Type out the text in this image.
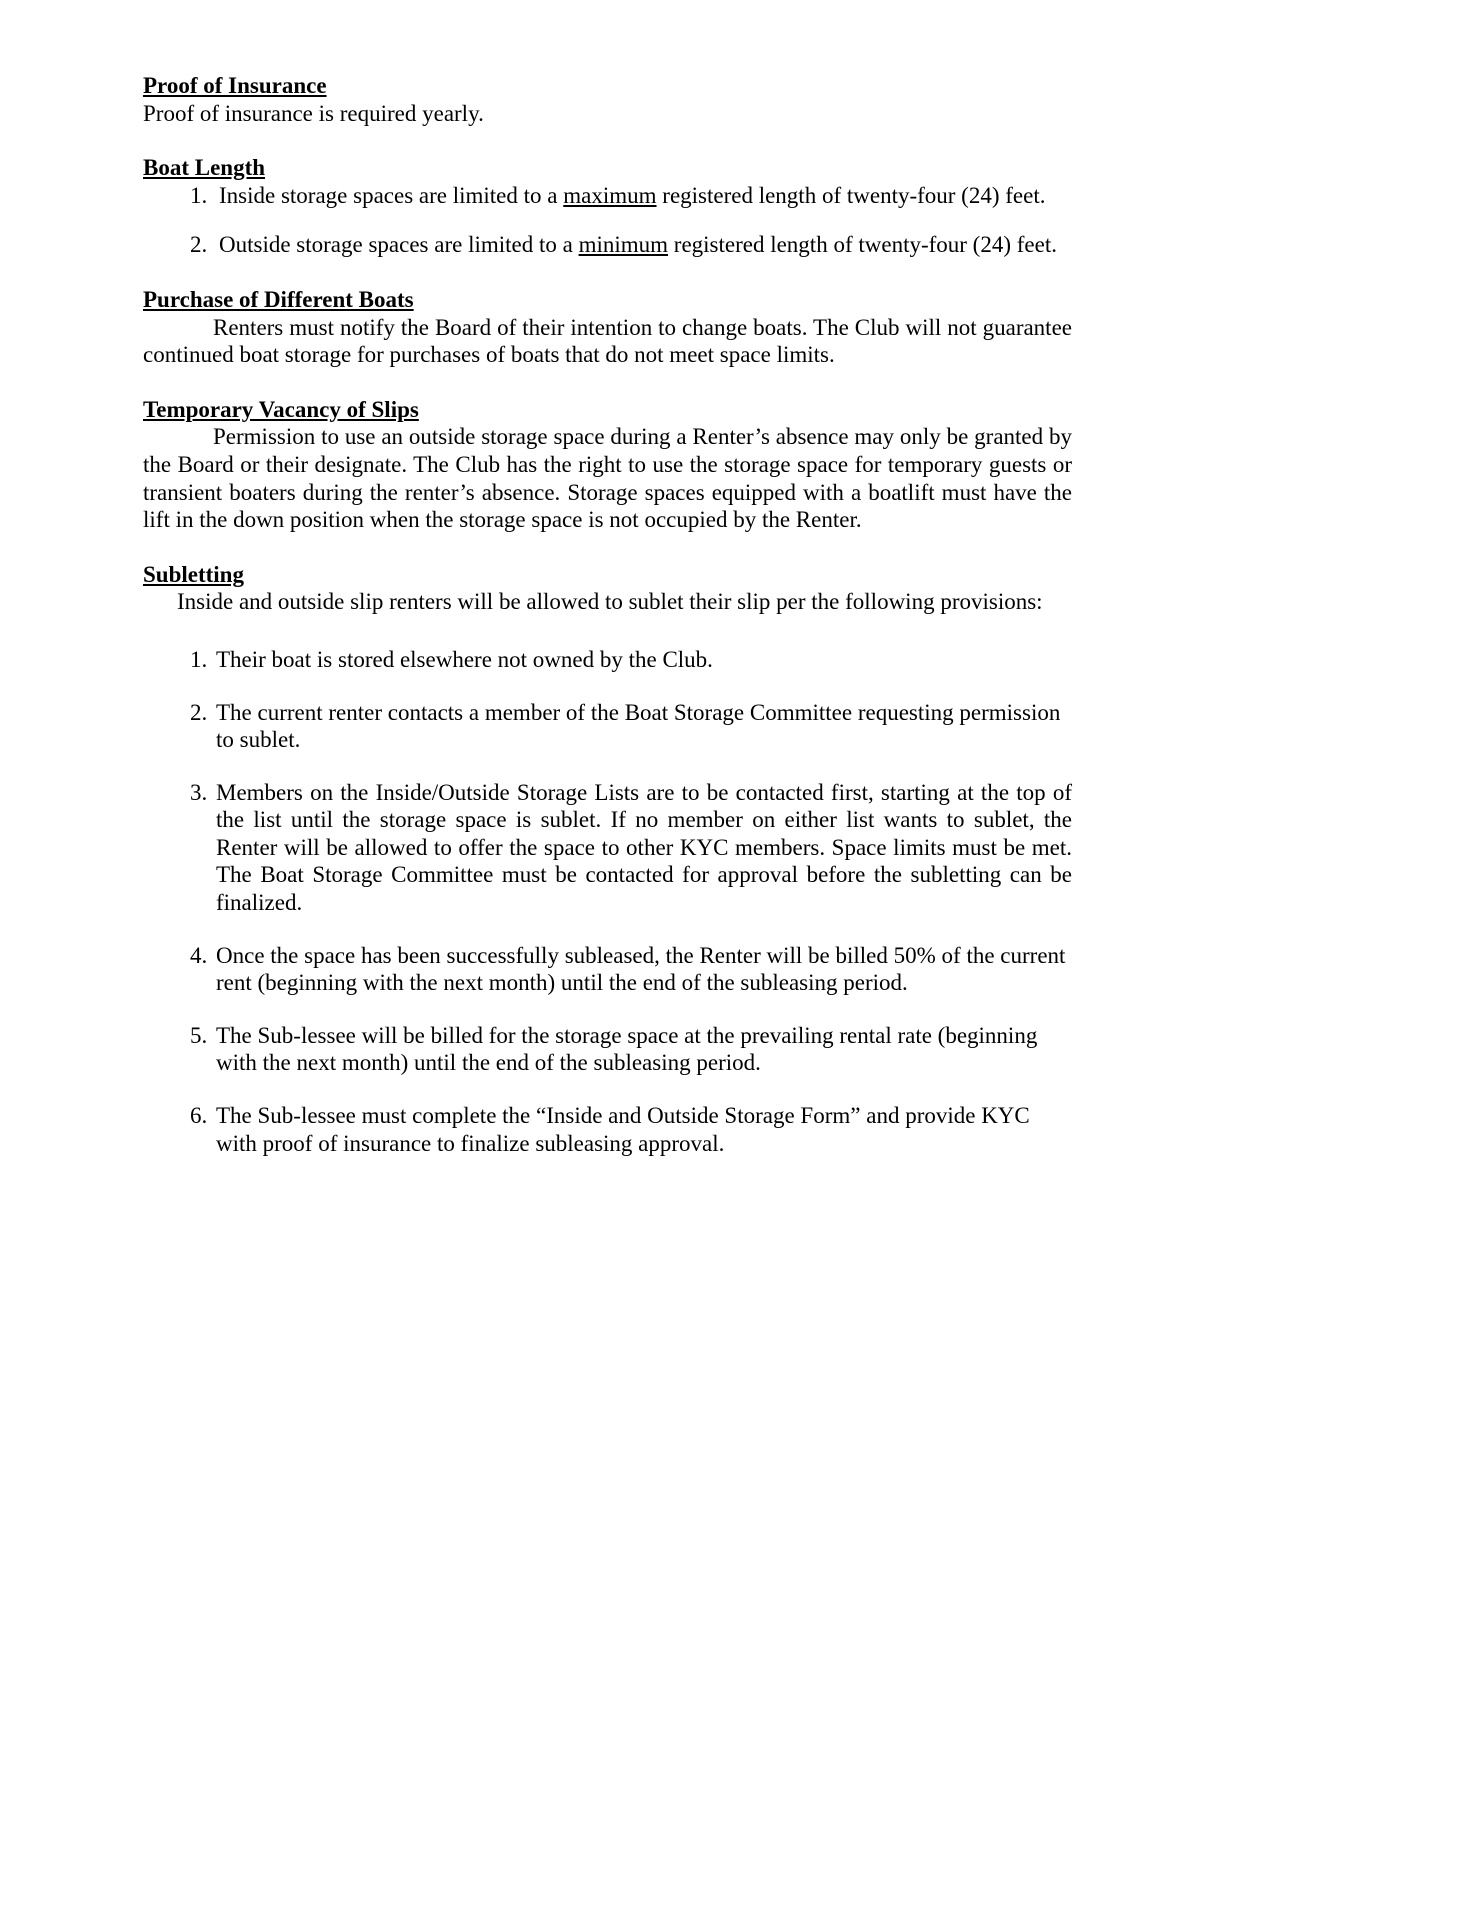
Proof of Insurance

Proof of insurance is required yearly.

Boat Length
1. Inside storage spaces are limited to a maximum registered length of twenty-four (24) feet.
2. Outside storage spaces are limited to a minimum registered length of twenty-four (24) feet.
Purchase of Different Boats

Renters must notify the Board of their intention to change boats. The Club will not guarantee continued boat storage for purchases of boats that do not meet space limits.

Temporary Vacancy of Slips

Permission to use an outside storage space during a Renter’s absence may only be granted by the Board or their designate. The Club has the right to use the storage space for temporary guests or transient boaters during the renter’s absence. Storage spaces equipped with a boatlift must have the lift in the down position when the storage space is not occupied by the Renter.

Subletting

Inside and outside slip renters will be allowed to sublet their slip per the following provisions:

1. Their boat is stored elsewhere not owned by the Club.
2. The current renter contacts a member of the Boat Storage Committee requesting permission to sublet.
3. Members on the Inside/Outside Storage Lists are to be contacted first, starting at the top of the list until the storage space is sublet. If no member on either list wants to sublet, the Renter will be allowed to offer the space to other KYC members. Space limits must be met. The Boat Storage Committee must be contacted for approval before the subletting can be finalized.
4. Once the space has been successfully subleased, the Renter will be billed 50% of the current rent (beginning with the next month) until the end of the subleasing period.
5. The Sub-lessee will be billed for the storage space at the prevailing rental rate (beginning with the next month) until the end of the subleasing period.
6. The Sub-lessee must complete the “Inside and Outside Storage Form” and provide KYC with proof of insurance to finalize subleasing approval.
